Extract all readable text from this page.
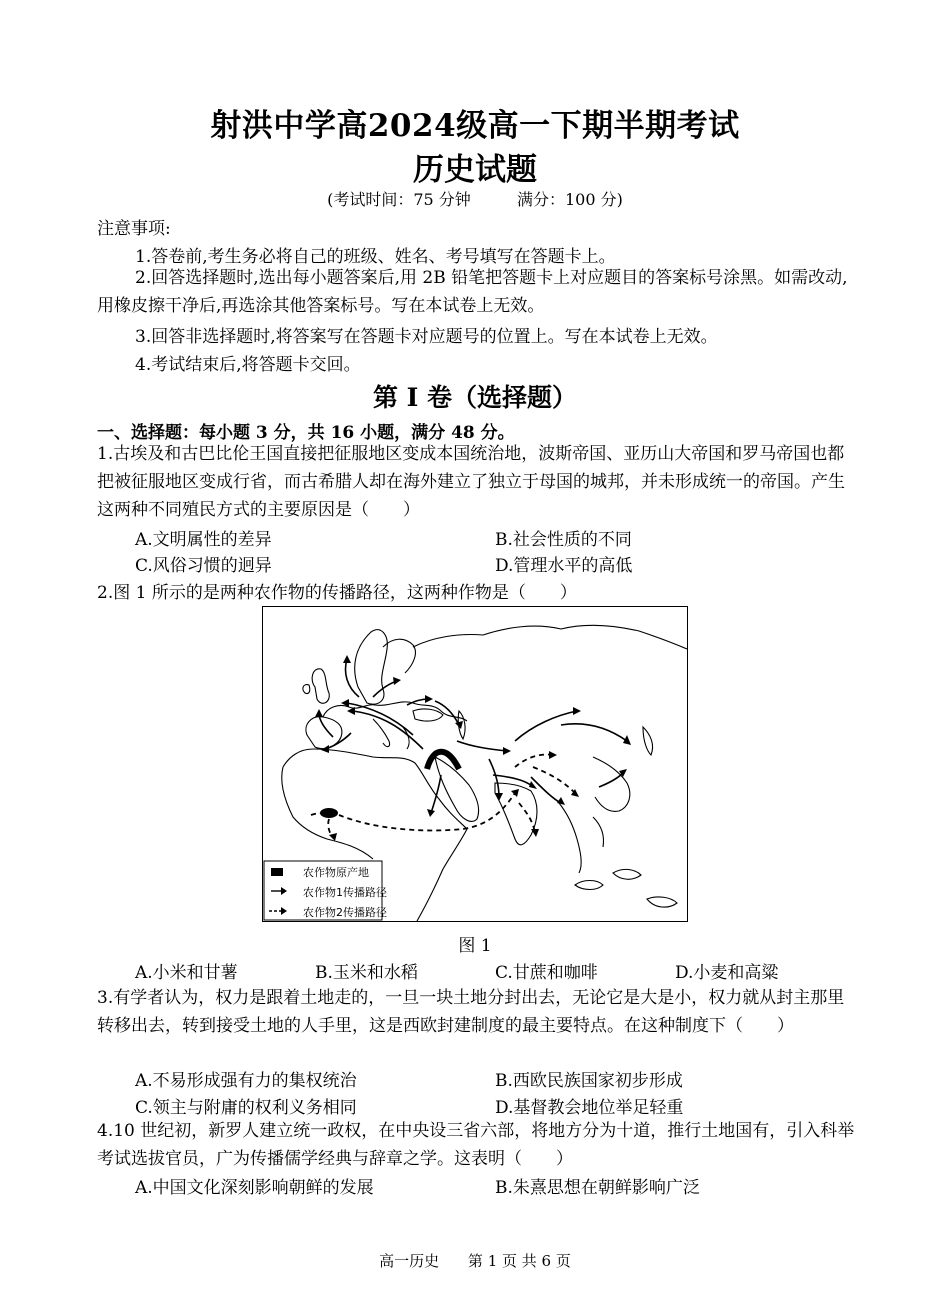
射洪中学高2024级高一下期半期考试
历史试题
(考试时间：75 分钟	满分：100 分)
注意事项:
1.答卷前,考生务必将自己的班级、姓名、考号填写在答题卡上。
2.回答选择题时,选出每小题答案后,用 2B 铅笔把答题卡上对应题目的答案标号涂黑。如需改动,用橡皮擦干净后,再选涂其他答案标号。写在本试卷上无效。
3.回答非选择题时,将答案写在答题卡对应题号的位置上。写在本试卷上无效。
4.考试结束后,将答题卡交回。
第 I 卷（选择题）
一、选择题：每小题 3 分，共 16 小题，满分 48 分。
1.古埃及和古巴比伦王国直接把征服地区变成本国统治地，波斯帝国、亚历山大帝国和罗马帝国也都把被征服地区变成行省，而古希腊人却在海外建立了独立于母国的城邦，并未形成统一的帝国。产生这两种不同殖民方式的主要原因是（　　）
A.文明属性的差异	B.社会性质的不同
C.风俗习惯的迥异	D.管理水平的高低
2.图 1 所示的是两种农作物的传播路径，这两种作物是（　　）
农作物原产地
农作物1传播路径
农作物2传播路径
图 1
A.小米和甘薯	B.玉米和水稻	C.甘蔗和咖啡	D.小麦和高粱
3.有学者认为，权力是跟着土地走的，一旦一块土地分封出去，无论它是大是小，权力就从封主那里转移出去，转到接受土地的人手里，这是西欧封建制度的最主要特点。在这种制度下（　　）
A.不易形成强有力的集权统治	B.西欧民族国家初步形成
C.领主与附庸的权利义务相同	D.基督教会地位举足轻重
4.10 世纪初，新罗人建立统一政权，在中央设三省六部，将地方分为十道，推行土地国有，引入科举考试选拔官员，广为传播儒学经典与辞章之学。这表明（　　）
A.中国文化深刻影响朝鲜的发展	B.朱熹思想在朝鲜影响广泛
高一历史 第 1 页 共 6 页
